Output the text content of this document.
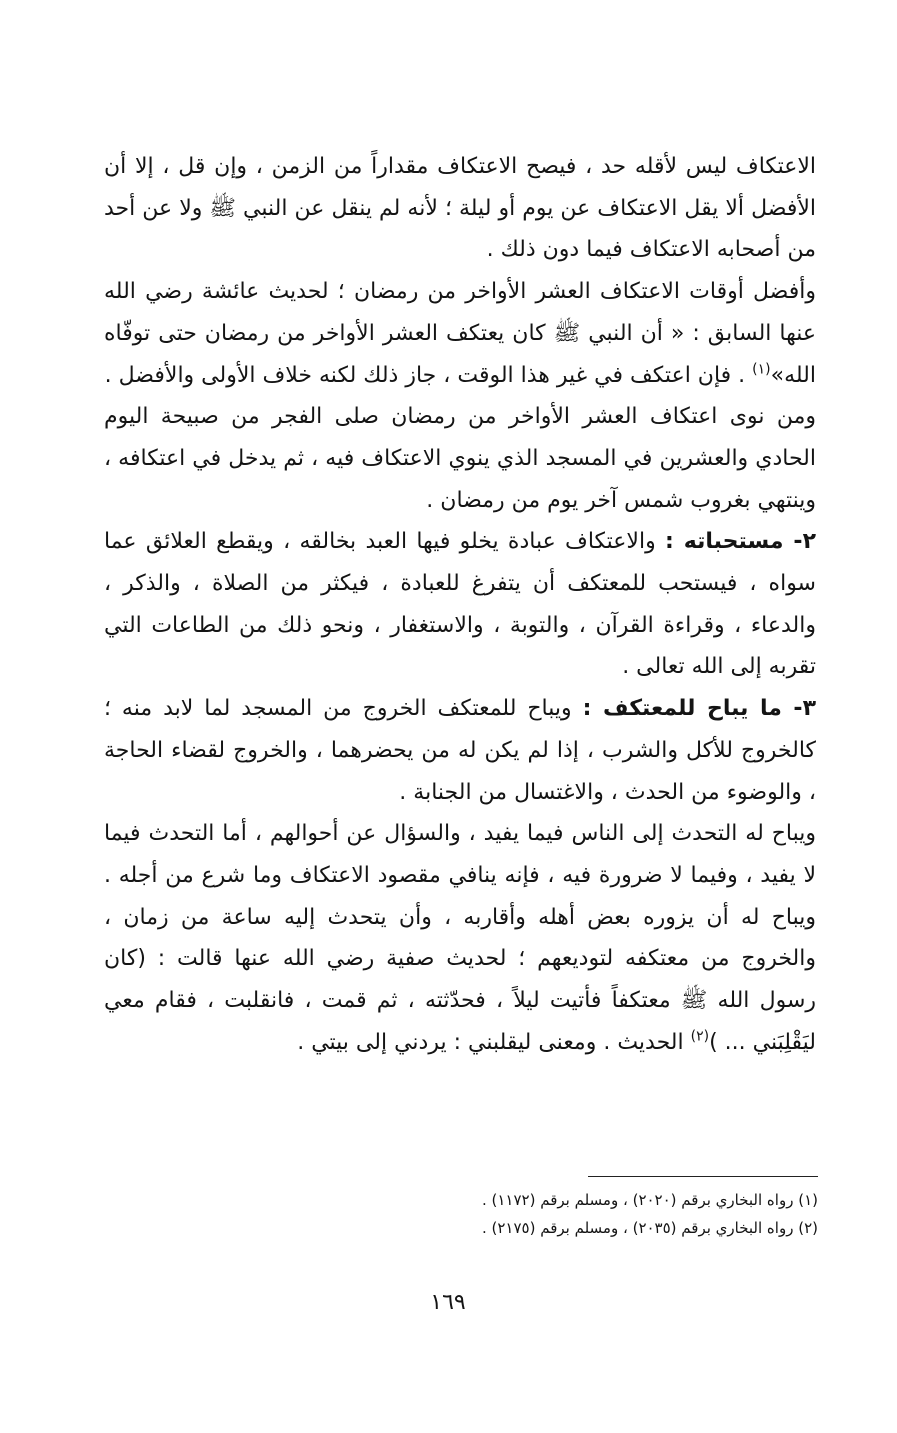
الاعتكاف ليس لأقله حد ، فيصح الاعتكاف مقداراً من الزمن ، وإن قل ، إلا أن الأفضل ألا يقل الاعتكاف عن يوم أو ليلة ؛ لأنه لم ينقل عن النبي ﷺ ولا عن أحد من أصحابه الاعتكاف فيما دون ذلك .

وأفضل أوقات الاعتكاف العشر الأواخر من رمضان ؛ لحديث عائشة رضي الله عنها السابق : « أن النبي ﷺ كان يعتكف العشر الأواخر من رمضان حتى توفّاه الله»$^{(١)}$ . فإن اعتكف في غير هذا الوقت ، جاز ذلك لكنه خلاف الأولى والأفضل .

ومن نوى اعتكاف العشر الأواخر من رمضان صلى الفجر من صبيحة اليوم الحادي والعشرين في المسجد الذي ينوي الاعتكاف فيه ، ثم يدخل في اعتكافه ، وينتهي بغروب شمس آخر يوم من رمضان .

٢- مستحباته : والاعتكاف عبادة يخلو فيها العبد بخالقه ، ويقطع العلائق عما سواه ، فيستحب للمعتكف أن يتفرغ للعبادة ، فيكثر من الصلاة ، والذكر ، والدعاء ، وقراءة القرآن ، والتوبة ، والاستغفار ، ونحو ذلك من الطاعات التي تقربه إلى الله تعالى .

٣- ما يباح للمعتكف : ويباح للمعتكف الخروج من المسجد لما لابد منه ؛ كالخروج للأكل والشرب ، إذا لم يكن له من يحضرهما ، والخروج لقضاء الحاجة ، والوضوء من الحدث ، والاغتسال من الجنابة .

ويباح له التحدث إلى الناس فيما يفيد ، والسؤال عن أحوالهم ، أما التحدث فيما لا يفيد ، وفيما لا ضرورة فيه ، فإنه ينافي مقصود الاعتكاف وما شرع من أجله . ويباح له أن يزوره بعض أهله وأقاربه ، وأن يتحدث إليه ساعة من زمان ، والخروج من معتكفه لتوديعهم ؛ لحديث صفية رضي الله عنها قالت : (كان رسول الله ﷺ معتكفاً فأتيت ليلاً ، فحدّثته ، ثم قمت ، فانقلبت ، فقام معي ليَقْلِبَني ... )$^{(٢)}$ الحديث . ومعنى ليقلبني : يردني إلى بيتي .

(١) رواه البخاري برقم (٢٠٢٠) ، ومسلم برقم (١١٧٢) .

(٢) رواه البخاري برقم (٢٠٣٥) ، ومسلم برقم (٢١٧٥) .

١٦٩
